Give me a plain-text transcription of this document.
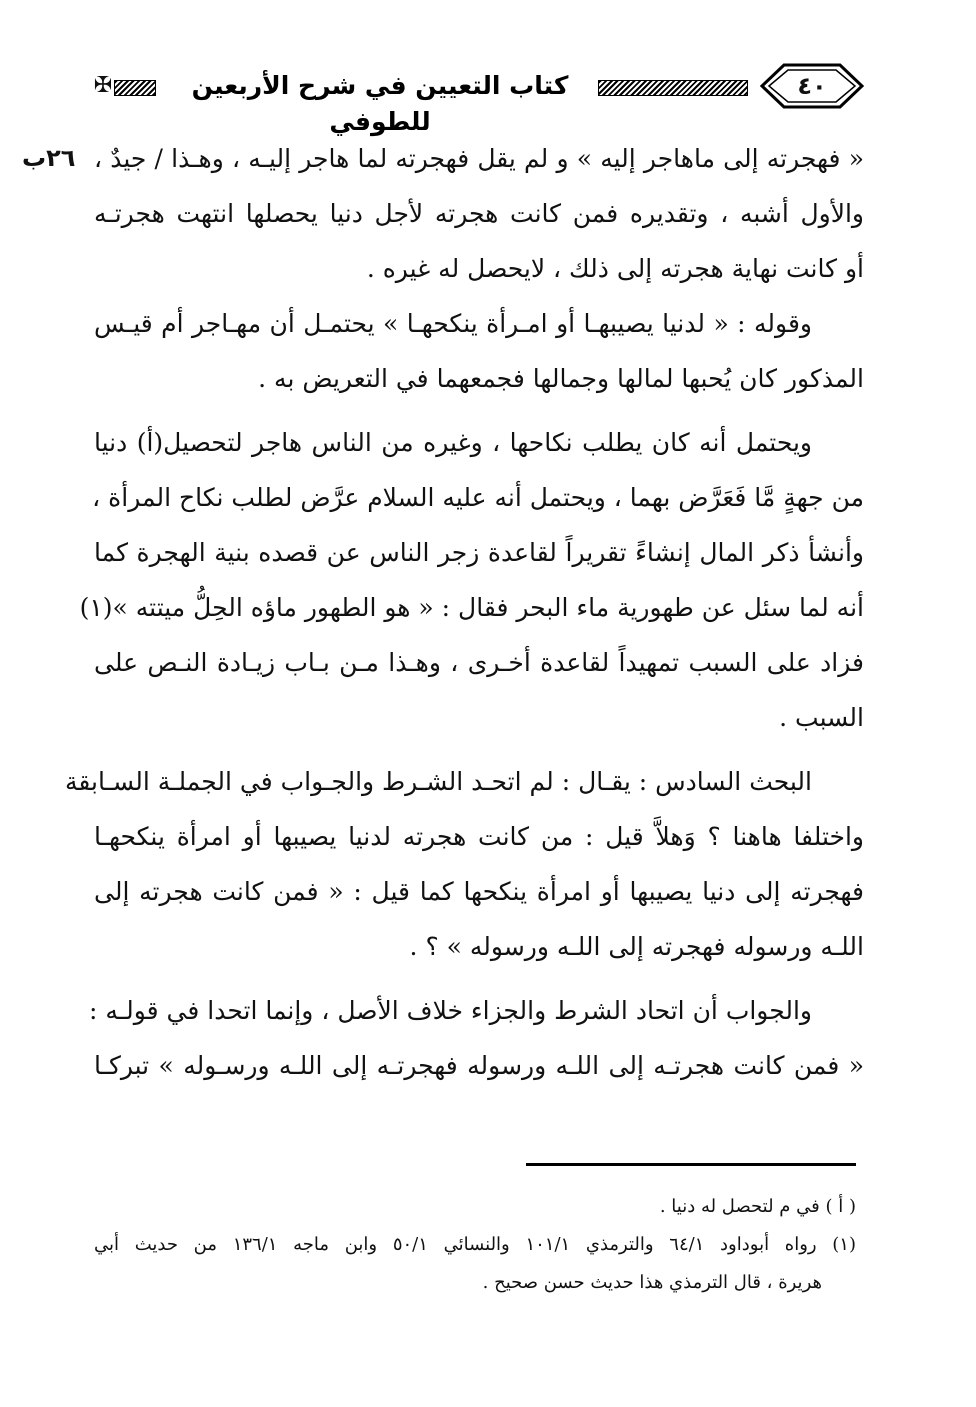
✠	كتاب التعيين في شرح الأربعين للطوفي
٤٠
٢٦ب « فهجرته إلى ماهاجر إليه » و لم يقل فهجرته لما هاجر إليـه ، وهـذا / جيدٌ ،
والأول أشبه ، وتقديره فمن كانت هجرته لأجل دنيا يحصلها انتهت هجرتـه
أو كانت نهاية هجرته إلى ذلك ، لايحصل له غيره .
وقوله : « لدنيا يصيبهـا أو امـرأة ينكحهـا » يحتمـل أن مهـاجر أم قيـس
المذكور كان يُحبها لمالها وجمالها فجمعهما في التعريض به .
ويحتمل أنه كان يطلب نكاحها ، وغيره من الناس هاجر لتحصيل(أ) دنيا
من جهةٍ مَّا فَعَرَّض بهما ، ويحتمل أنه عليه السلام عرَّض لطلب نكاح المرأة ،
وأنشأ ذكر المال إنشاءً تقريراً لقاعدة زجر الناس عن قصده بنية الهجرة كما
أنه لما سئل عن طهورية ماء البحر فقال : « هو الطهور ماؤه الحِلُّ ميتته »(١)
فزاد على السبب تمهيداً لقاعدة أخـرى ، وهـذا مـن بـاب زيـادة النـص على
السبب .
البحث السادس : يقـال : لم اتحـد الشـرط والجـواب في الجملـة السـابقة
واختلفا هاهنا ؟ وَهلاَّ قيل : من كانت هجرته لدنيا يصيبها أو امرأة ينكحهـا
فهجرته إلى دنيا يصيبها أو امرأة ينكحها كما قيل : « فمن كانت هجرته إلى
اللـه ورسوله فهجرته إلى اللـه ورسوله » ؟ .
والجواب أن اتحاد الشرط والجزاء خلاف الأصل ، وإنما اتحدا في قولـه :
« فمن كانت هجرتـه إلى اللـه ورسوله فهجرتـه إلى اللـه ورسـوله » تبركـا
( أ ) في م لتحصل له دنيا .
(١) رواه أبوداود ٦٤/١ والترمذي ١٠١/١ والنسائي ٥٠/١ وابن ماجه ١٣٦/١ من حديث أبي
هريرة ، قال الترمذي هذا حديث حسن صحيح .
